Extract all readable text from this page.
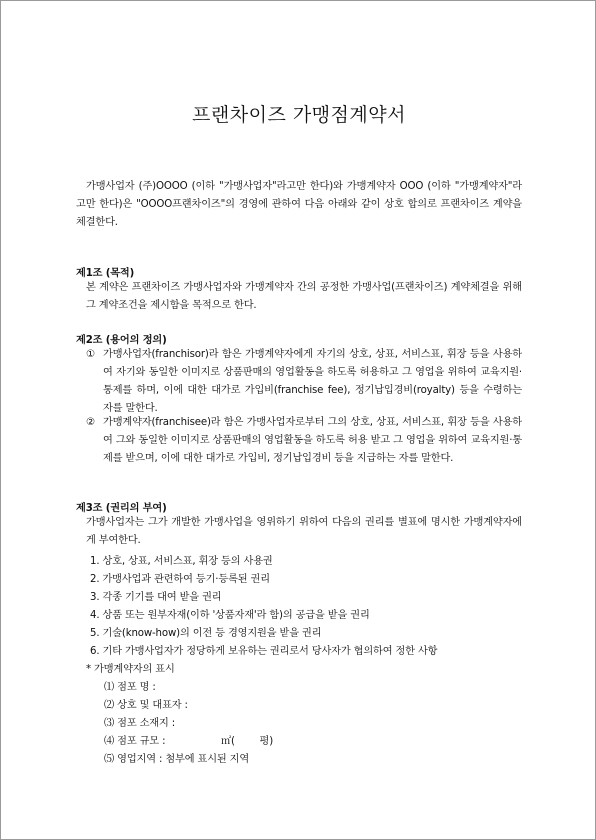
프랜차이즈 가맹점계약서
가맹사업자 (주)OOOO (이하 "가맹사업자"라고만 한다)와 가맹계약자 OOO (이하 "가맹계약자"라고만 한다)은 "OOOO프랜차이즈"의 경영에 관하여 다음 아래와 같이 상호 합의로 프랜차이즈 계약을 체결한다.
제1조 (목적)
본 계약은 프랜차이즈 가맹사업자와 가맹계약자 간의 공정한 가맹사업(프랜차이즈) 계약체결을 위해 그 계약조건을 제시함을 목적으로 한다.
제2조 (용어의 정의)
① 가맹사업자(franchisor)라 함은 가맹계약자에게 자기의 상호, 상표, 서비스표, 휘장 등을 사용하여 자기와 동일한 이미지로 상품판매의 영업활동을 하도록 허용하고 그 영업을 위하여 교육지원·통제를 하며, 이에 대한 대가로 가입비(franchise fee), 정기납입경비(royalty) 등을 수령하는 자를 말한다.
② 가맹계약자(franchisee)라 함은 가맹사업자로부터 그의 상호, 상표, 서비스표, 휘장 등을 사용하여 그와 동일한 이미지로 상품판매의 영업활동을 하도록 허용 받고 그 영업을 위하여 교육지원·통제를 받으며, 이에 대한 대가로 가입비, 정기납입경비 등을 지급하는 자를 말한다.
제3조 (권리의 부여)
가맹사업자는 그가 개발한 가맹사업을 영위하기 위하여 다음의 권리를 별표에 명시한 가맹계약자에게 부여한다.
1. 상호, 상표, 서비스표, 휘장 등의 사용권
2. 가맹사업과 관련하여 등기·등록된 권리
3. 각종 기기를 대여 받을 권리
4. 상품 또는 원부자재(이하 '상품자재'라 함)의 공급을 받을 권리
5. 기술(know-how)의 이전 등 경영지원을 받을 권리
6. 기타 가맹사업자가 정당하게 보유하는 권리로서 당사자가 협의하여 정한 사항
* 가맹계약자의 표시
⑴ 점포 명 :
⑵ 상호 및 대표자 :
⑶ 점포 소재지 :
⑷ 점포 규모 :                  ㎡(        평)
⑸ 영업지역 : 첨부에 표시된 지역
